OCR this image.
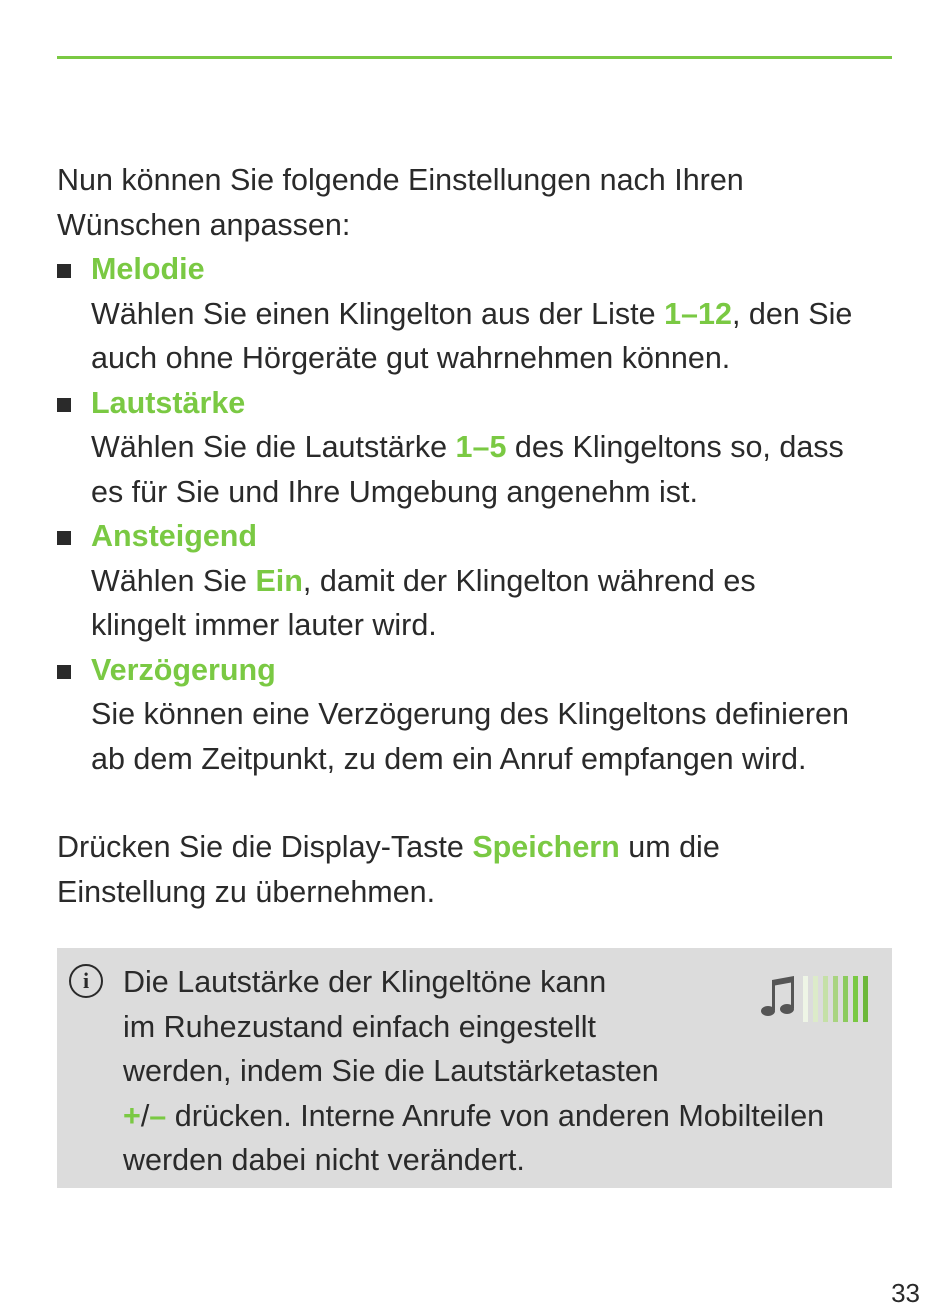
Nun können Sie folgende Einstellungen nach Ihren
Wünschen anpassen:
Melodie
Wählen Sie einen Klingelton aus der Liste 1–12, den Sie
auch ohne Hörgeräte gut wahrnehmen können.
Lautstärke
Wählen Sie die Lautstärke 1–5 des Klingeltons so, dass
es für Sie und Ihre Umgebung angenehm ist.
Ansteigend
Wählen Sie Ein, damit der Klingelton während es
klingelt immer lauter wird.
Verzögerung
Sie können eine Verzögerung des Klingeltons definieren
ab dem Zeitpunkt, zu dem ein Anruf empfangen wird.
Drücken Sie die Display-Taste Speichern um die
Einstellung zu übernehmen.
i	Die Lautstärke der Klingeltöne kann
im Ruhezustand einfach eingestellt
werden, indem Sie die Lautstärketasten
+/– drücken. Interne Anrufe von anderen Mobilteilen
werden dabei nicht verändert.
33
